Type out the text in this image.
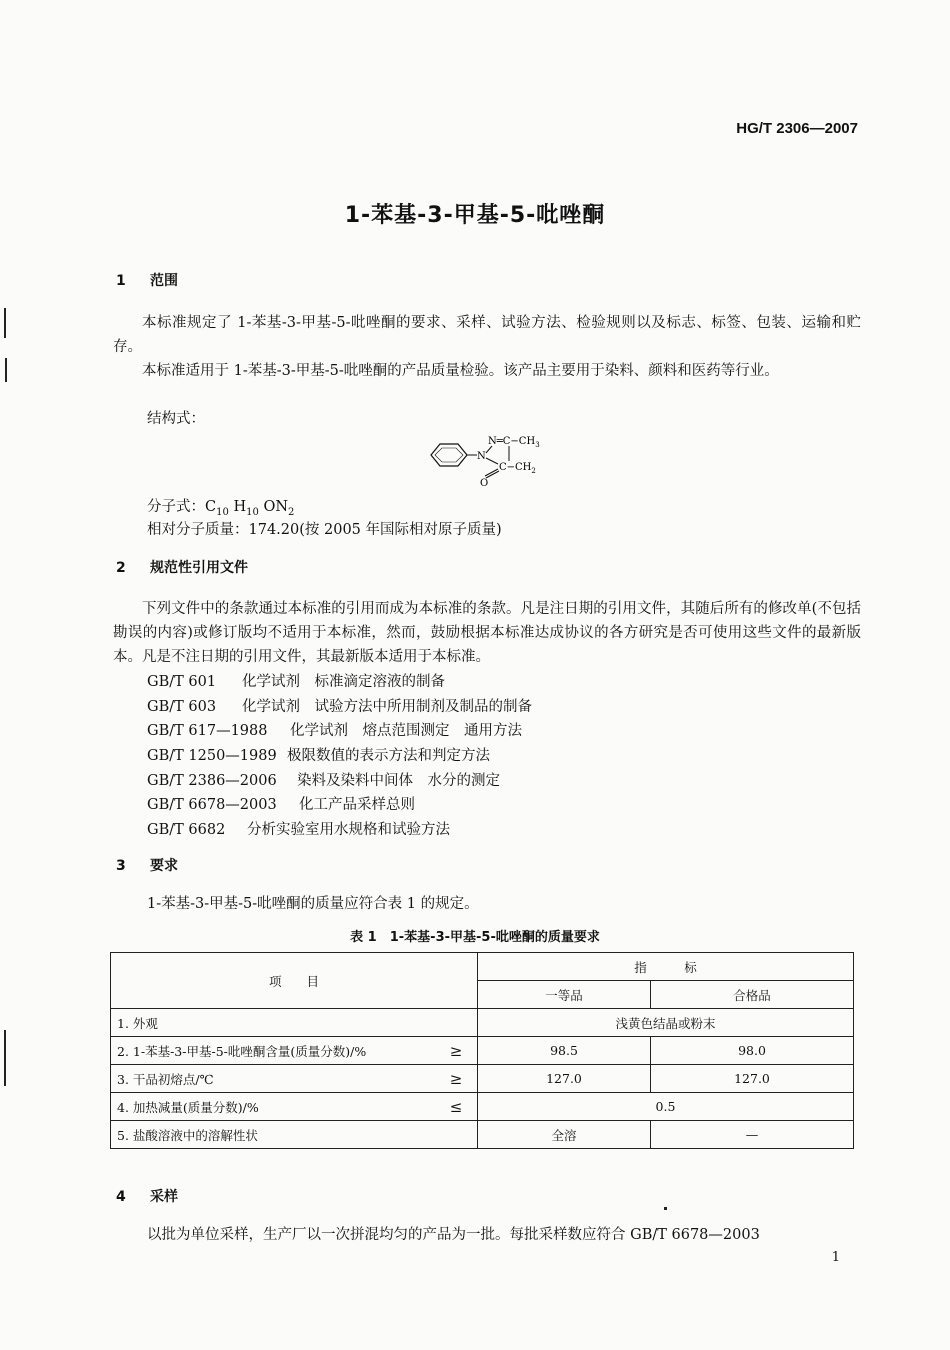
HG/T 2306—2007
1-苯基-3-甲基-5-吡唑酮
1 范围
本标准规定了 1-苯基-3-甲基-5-吡唑酮的要求、采样、试验方法、检验规则以及标志、标签、包装、运输和贮存。
本标准适用于 1-苯基-3-甲基-5-吡唑酮的产品质量检验。该产品主要用于染料、颜料和医药等行业。
结构式：
$N═C-CH_3$
N
$C-CH_2$
O
分子式：$C_{10}$ $H_{10}$ $ON_2$
相对分子质量：174.20(按 2005 年国际相对原子质量)
2 规范性引用文件
下列文件中的条款通过本标准的引用而成为本标准的条款。凡是注日期的引用文件，其随后所有的修改单(不包括勘误的内容)或修订版均不适用于本标准，然而，鼓励根据本标准达成协议的各方研究是否可使用这些文件的最新版本。凡是不注日期的引用文件，其最新版本适用于本标准。
GB/T 601 化学试剂　标准滴定溶液的制备
GB/T 603 化学试剂　试验方法中所用制剂及制品的制备
GB/T 617—1988 化学试剂　熔点范围测定　通用方法
GB/T 1250—1989 极限数值的表示方法和判定方法
GB/T 2386—2006 染料及染料中间体　水分的测定
GB/T 6678—2003 化工产品采样总则
GB/T 6682 分析实验室用水规格和试验方法
3 要求
1-苯基-3-甲基-5-吡唑酮的质量应符合表 1 的规定。
表 1　1-苯基-3-甲基-5-吡唑酮的质量要求
项　　目		指　　　标	
		一等品	合格品
1. 外观		浅黄色结晶或粉末	
2. 1-苯基-3-甲基-5-吡唑酮含量(质量分数)/%	≥	98.5	98.0
3. 干品初熔点/℃	≥	127.0	127.0
4. 加热减量(质量分数)/%	≤	0.5	
5. 盐酸溶液中的溶解性状		全溶	—
4 采样
以批为单位采样，生产厂以一次拼混均匀的产品为一批。每批采样数应符合 GB/T 6678—2003
1
